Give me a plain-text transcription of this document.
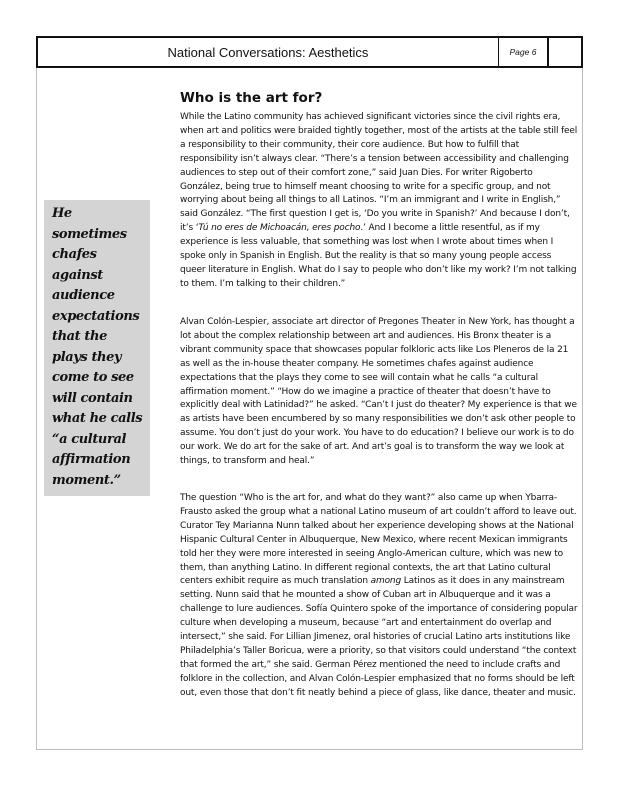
National Conversations: Aesthetics	Page 6
Who is the art for?

He sometimes chafes against audience expectations that the plays they come to see will contain what he calls “a cultural affirmation moment.”

While the Latino community has achieved significant victories since the civil rights era, when art and politics were braided tightly together, most of the artists at the table still feel a responsibility to their community, their core audience. But how to fulfill that responsibility isn’t always clear. “There’s a tension between accessibility and challenging audiences to step out of their comfort zone,” said Juan Dies. For writer Rigoberto González, being true to himself meant choosing to write for a specific group, and not worrying about being all things to all Latinos. “I’m an immigrant and I write in English,” said González. “The first question I get is, ‘Do you write in Spanish?’ And because I don’t, it’s ‘Tú no eres de Michoacán, eres pocho.’ And I become a little resentful, as if my experience is less valuable, that something was lost when I wrote about times when I spoke only in Spanish in English. But the reality is that so many young people access queer literature in English. What do I say to people who don’t like my work? I’m not talking to them. I’m talking to their children.”

Alvan Colón-Lespier, associate art director of Pregones Theater in New York, has thought a lot about the complex relationship between art and audiences. His Bronx theater is a vibrant community space that showcases popular folkloric acts like Los Pleneros de la 21 as well as the in-house theater company. He sometimes chafes against audience expectations that the plays they come to see will contain what he calls “a cultural affirmation moment.” “How do we imagine a practice of theater that doesn’t have to explicitly deal with Latinidad?” he asked. “Can’t I just do theater? My experience is that we as artists have been encumbered by so many responsibilities we don’t ask other people to assume. You don’t just do your work. You have to do education? I believe our work is to do our work. We do art for the sake of art. And art’s goal is to transform the way we look at things, to transform and heal.”

The question “Who is the art for, and what do they want?” also came up when Ybarra-Frausto asked the group what a national Latino museum of art couldn’t afford to leave out. Curator Tey Marianna Nunn talked about her experience developing shows at the National Hispanic Cultural Center in Albuquerque, New Mexico, where recent Mexican immigrants told her they were more interested in seeing Anglo-American culture, which was new to them, than anything Latino. In different regional contexts, the art that Latino cultural centers exhibit require as much translation among Latinos as it does in any mainstream setting. Nunn said that he mounted a show of Cuban art in Albuquerque and it was a challenge to lure audiences. Sofía Quintero spoke of the importance of considering popular culture when developing a museum, because “art and entertainment do overlap and intersect,” she said. For Lillian Jimenez, oral histories of crucial Latino arts institutions like Philadelphia’s Taller Boricua, were a priority, so that visitors could understand “the context that formed the art,” she said. German Pérez mentioned the need to include crafts and folklore in the collection, and Alvan Colón-Lespier emphasized that no forms should be left out, even those that don’t fit neatly behind a piece of glass, like dance, theater and music.
